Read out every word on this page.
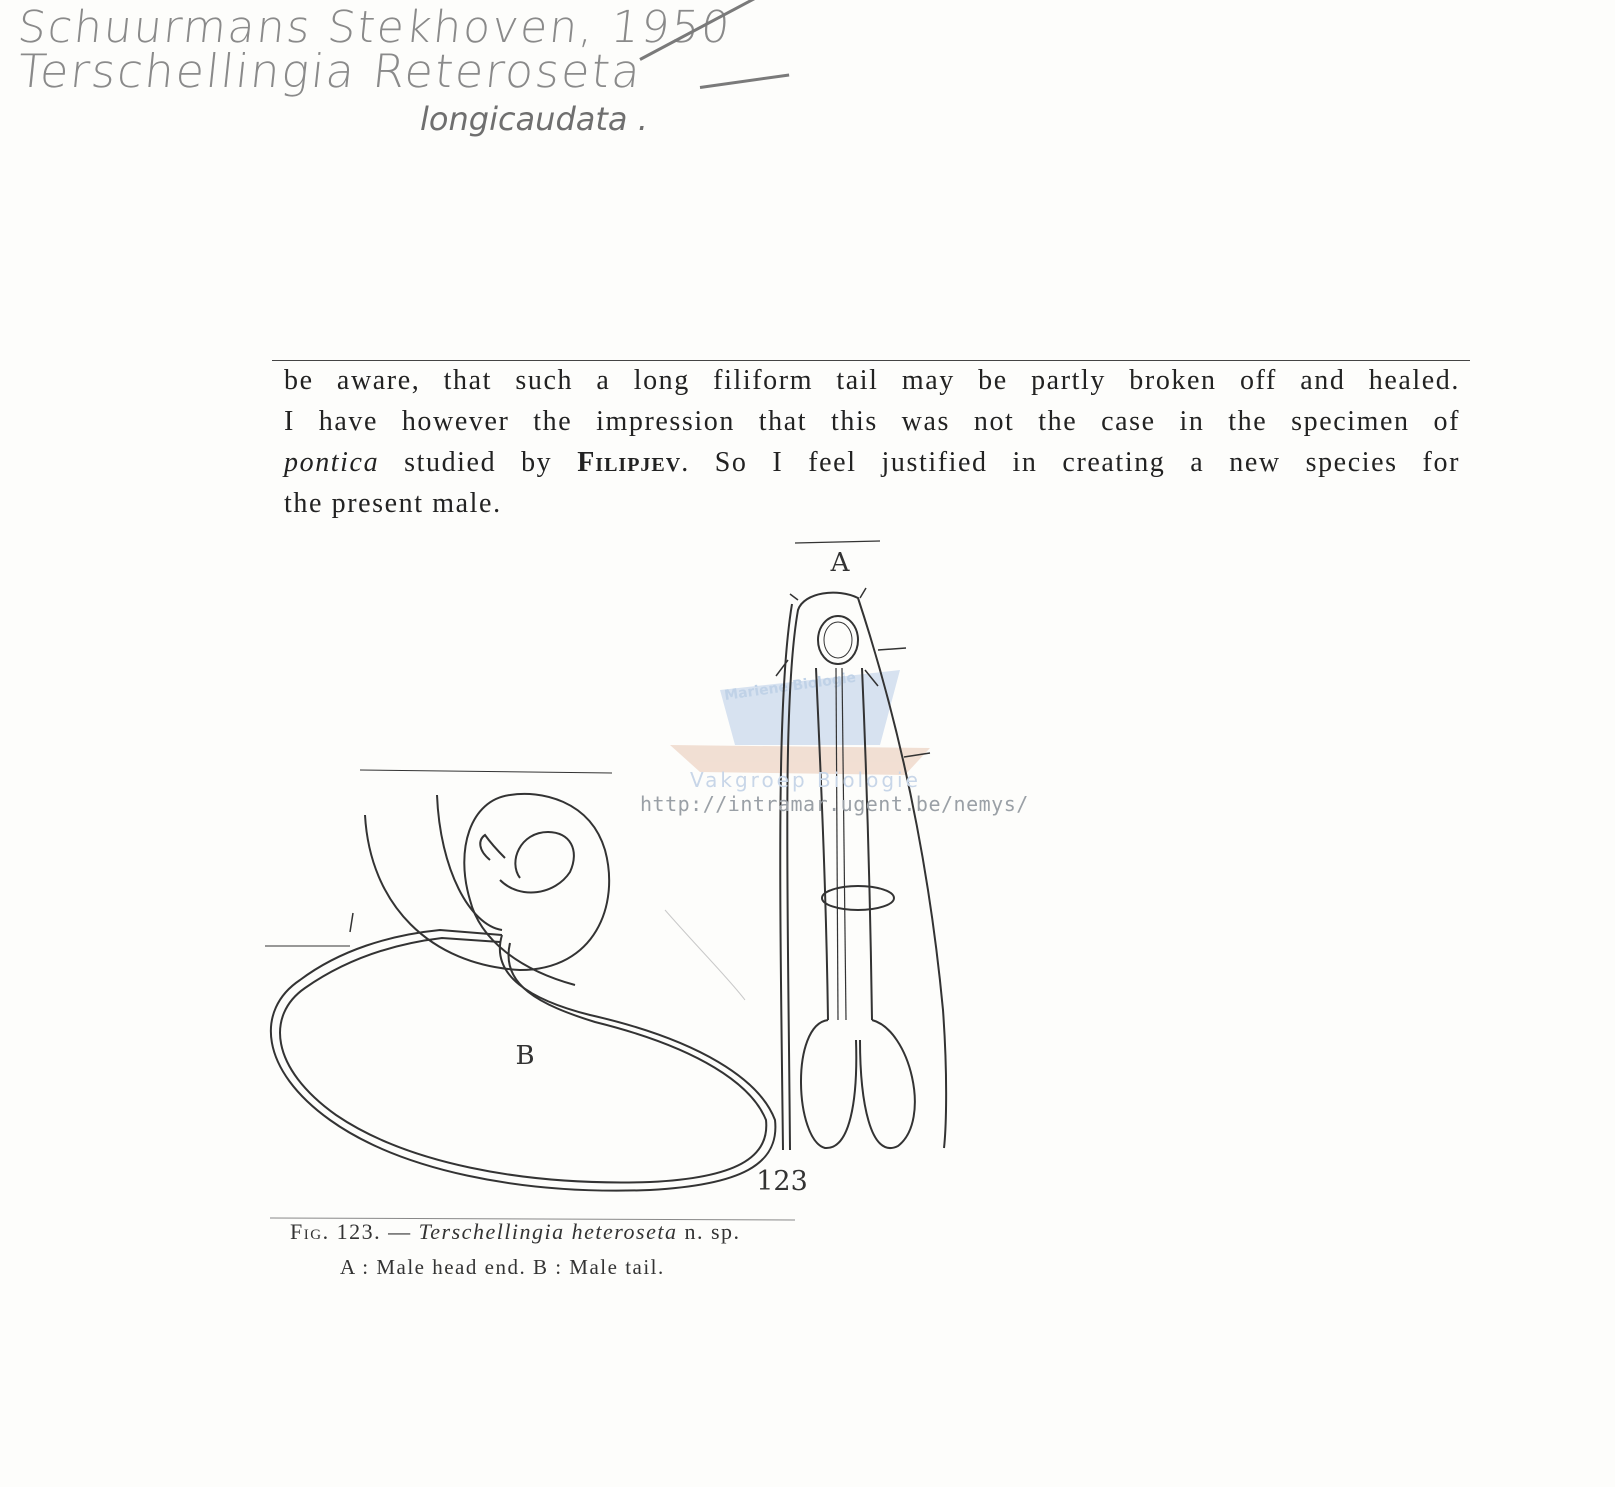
Schuurmans Stekhoven, 1950
Terschellingia Reteroseta
longicaudata .
be aware, that such a long filiform tail may be partly broken off and healed.
I have however the impression that this was not the case in the specimen of
pontica studied by Filipjev. So I feel justified in creating a new species for
the present male.
Mariene Biologie
A
B
123
Vakgroep Biologie
http://intramar.ugent.be/nemys/
Fig. 123. — Terschellingia heteroseta n. sp.
A : Male head end. B : Male tail.
